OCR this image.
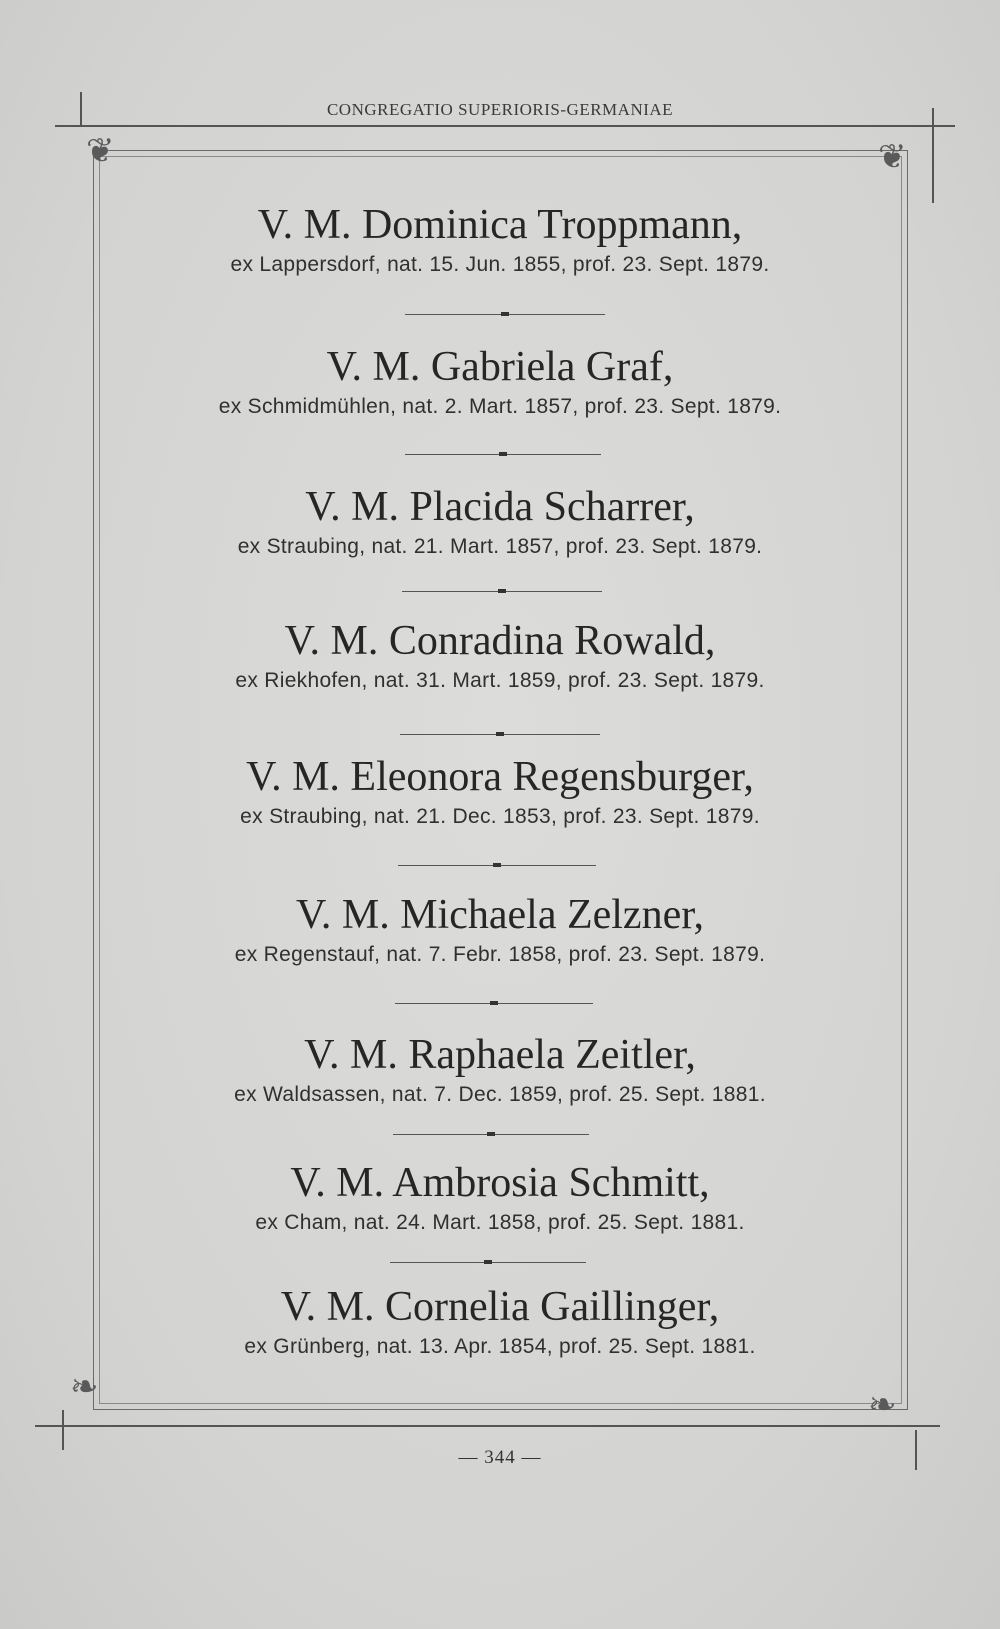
CONGREGATIO SUPERIORIS-GERMANIAE
❦	❦
❧	❧
V. M. Dominica Troppmann,
ex Lappersdorf, nat. 15. Jun. 1855, prof. 23. Sept. 1879.
V. M. Gabriela Graf,
ex Schmidmühlen, nat. 2. Mart. 1857, prof. 23. Sept. 1879.
V. M. Placida Scharrer,
ex Straubing, nat. 21. Mart. 1857, prof. 23. Sept. 1879.
V. M. Conradina Rowald,
ex Riekhofen, nat. 31. Mart. 1859, prof. 23. Sept. 1879.
V. M. Eleonora Regensburger,
ex Straubing, nat. 21. Dec. 1853, prof. 23. Sept. 1879.
V. M. Michaela Zelzner,
ex Regenstauf, nat. 7. Febr. 1858, prof. 23. Sept. 1879.
V. M. Raphaela Zeitler,
ex Waldsassen, nat. 7. Dec. 1859, prof. 25. Sept. 1881.
V. M. Ambrosia Schmitt,
ex Cham, nat. 24. Mart. 1858, prof. 25. Sept. 1881.
V. M. Cornelia Gaillinger,
ex Grünberg, nat. 13. Apr. 1854, prof. 25. Sept. 1881.
— 344 —
